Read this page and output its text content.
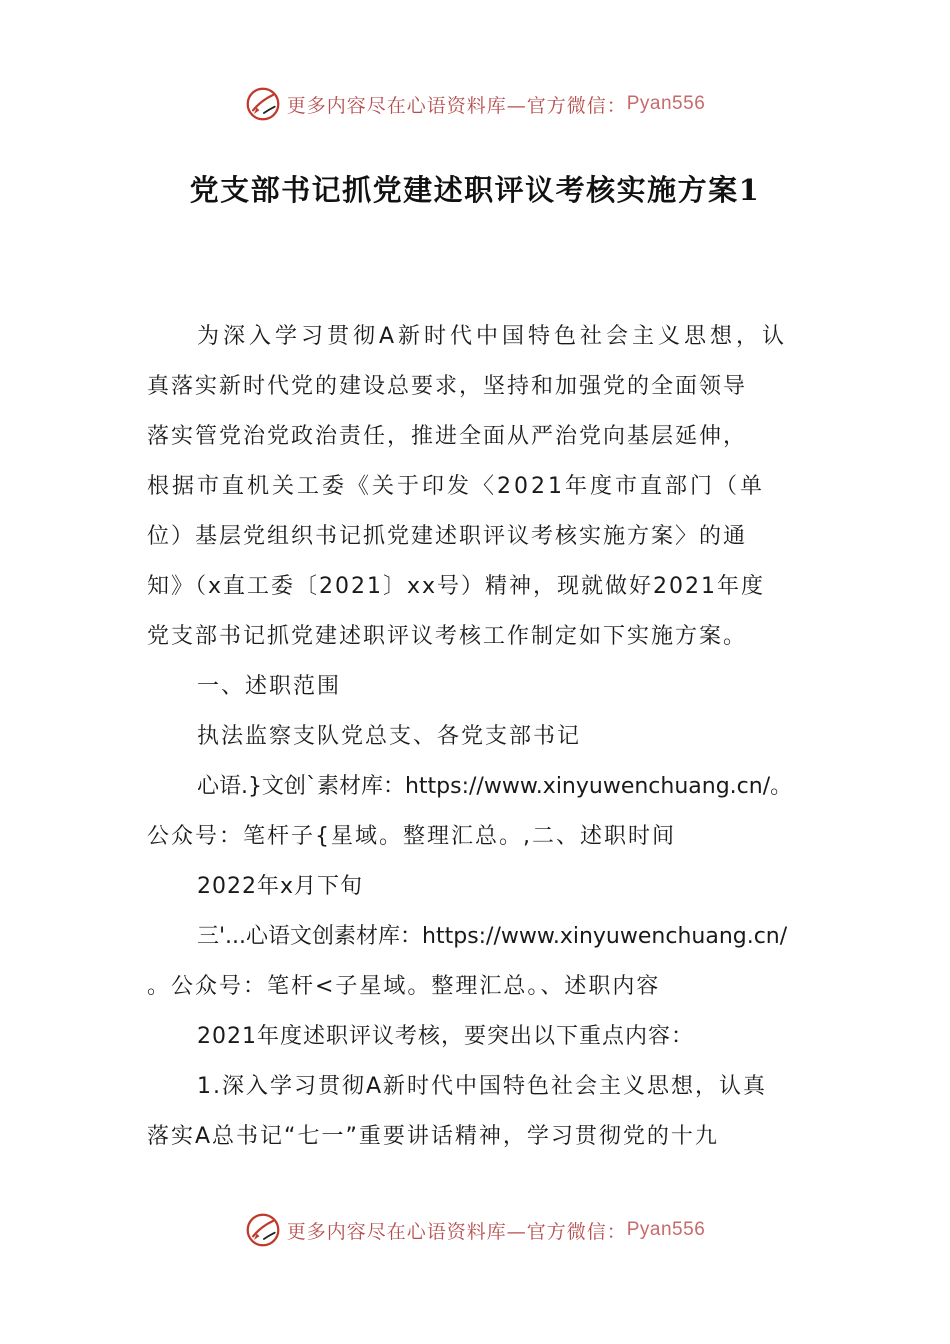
更多内容尽在心语资料库—官方微信： Pyan556
党支部书记抓党建述职评议考核实施方案1
为深入学习贯彻A新时代中国特色社会主义思想，认
真落实新时代党的建设总要求，坚持和加强党的全面领导
落实管党治党政治责任，推进全面从严治党向基层延伸，
根据市直机关工委《关于印发〈2021年度市直部门（单
位）基层党组织书记抓党建述职评议考核实施方案〉的通
知》（x直工委〔2021〕xx号）精神，现就做好2021年度
党支部书记抓党建述职评议考核工作制定如下实施方案。
一、述职范围
执法监察支队党总支、各党支部书记
心语.}文创`素材库：https://www.xinyuwenchuang.cn/。
公众号：笔杆子{星域。整理汇总。,二、述职时间
2022年x月下旬
三'...心语文创素材库：https://www.xinyuwenchuang.cn/
。公众号：笔杆<子星域。整理汇总。、述职内容
2021年度述职评议考核，要突出以下重点内容：
1.深入学习贯彻A新时代中国特色社会主义思想，认真
落实A总书记“七一”重要讲话精神，学习贯彻党的十九
更多内容尽在心语资料库—官方微信： Pyan556
